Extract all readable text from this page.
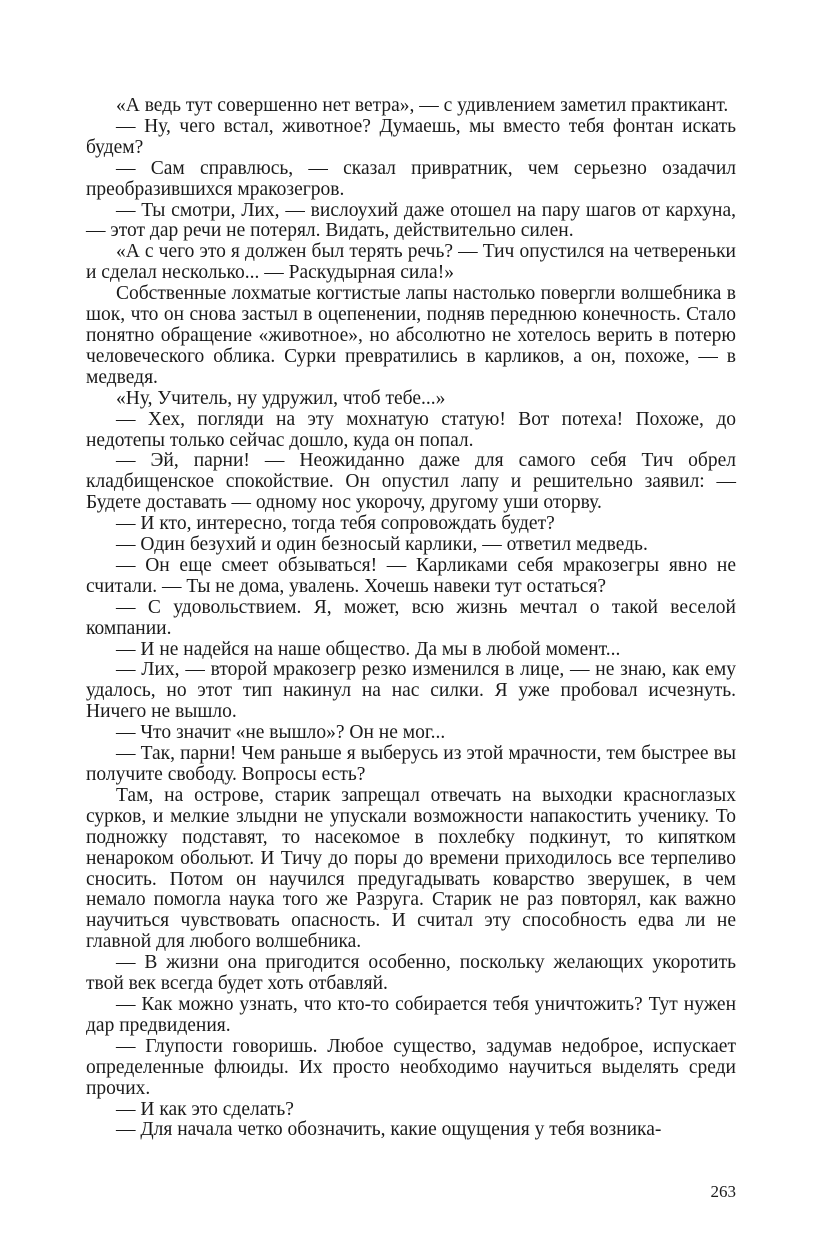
«А ведь тут совершенно нет ветра», — с удивлением заметил практикант.

— Ну, чего встал, животное? Думаешь, мы вместо тебя фонтан искать будем?

— Сам справлюсь, — сказал привратник, чем серьезно озадачил преобразившихся мракозегров.

— Ты смотри, Лих, — вислоухий даже отошел на пару шагов от кархуна, — этот дар речи не потерял. Видать, действительно силен.

«А с чего это я должен был терять речь? — Тич опустился на четвереньки и сделал несколько... — Раскудырная сила!»

Собственные лохматые когтистые лапы настолько повергли волшебника в шок, что он снова застыл в оцепенении, подняв переднюю конечность. Стало понятно обращение «животное», но абсолютно не хотелось верить в потерю человеческого облика. Сурки превратились в карликов, а он, похоже, — в медведя.

«Ну, Учитель, ну удружил, чтоб тебе...»

— Хех, погляди на эту мохнатую статую! Вот потеха! Похоже, до недотепы только сейчас дошло, куда он попал.

— Эй, парни! — Неожиданно даже для самого себя Тич обрел кладбищенское спокойствие. Он опустил лапу и решительно заявил: — Будете доставать — одному нос укорочу, другому уши оторву.

— И кто, интересно, тогда тебя сопровождать будет?

— Один безухий и один безносый карлики, — ответил медведь.

— Он еще смеет обзываться! — Карликами себя мракозегры явно не считали. — Ты не дома, увалень. Хочешь навеки тут остаться?

— С удовольствием. Я, может, всю жизнь мечтал о такой веселой компании.

— И не надейся на наше общество. Да мы в любой момент...

— Лих, — второй мракозегр резко изменился в лице, — не знаю, как ему удалось, но этот тип накинул на нас силки. Я уже пробовал исчезнуть. Ничего не вышло.

— Что значит «не вышло»? Он не мог...

— Так, парни! Чем раньше я выберусь из этой мрачности, тем быстрее вы получите свободу. Вопросы есть?

Там, на острове, старик запрещал отвечать на выходки красноглазых сурков, и мелкие злыдни не упускали возможности напакостить ученику. То подножку подставят, то насекомое в похлебку подкинут, то кипятком ненароком обольют. И Тичу до поры до времени приходилось все терпеливо сносить. Потом он научился предугадывать коварство зверушек, в чем немало помогла наука того же Разруга. Старик не раз повторял, как важно научиться чувствовать опасность. И считал эту способность едва ли не главной для любого волшебника.

— В жизни она пригодится особенно, поскольку желающих укоротить твой век всегда будет хоть отбавляй.

— Как можно узнать, что кто-то собирается тебя уничтожить? Тут нужен дар предвидения.

— Глупости говоришь. Любое существо, задумав недоброе, испускает определенные флюиды. Их просто необходимо научиться выделять среди прочих.

— И как это сделать?

— Для начала четко обозначить, какие ощущения у тебя возника-

263
